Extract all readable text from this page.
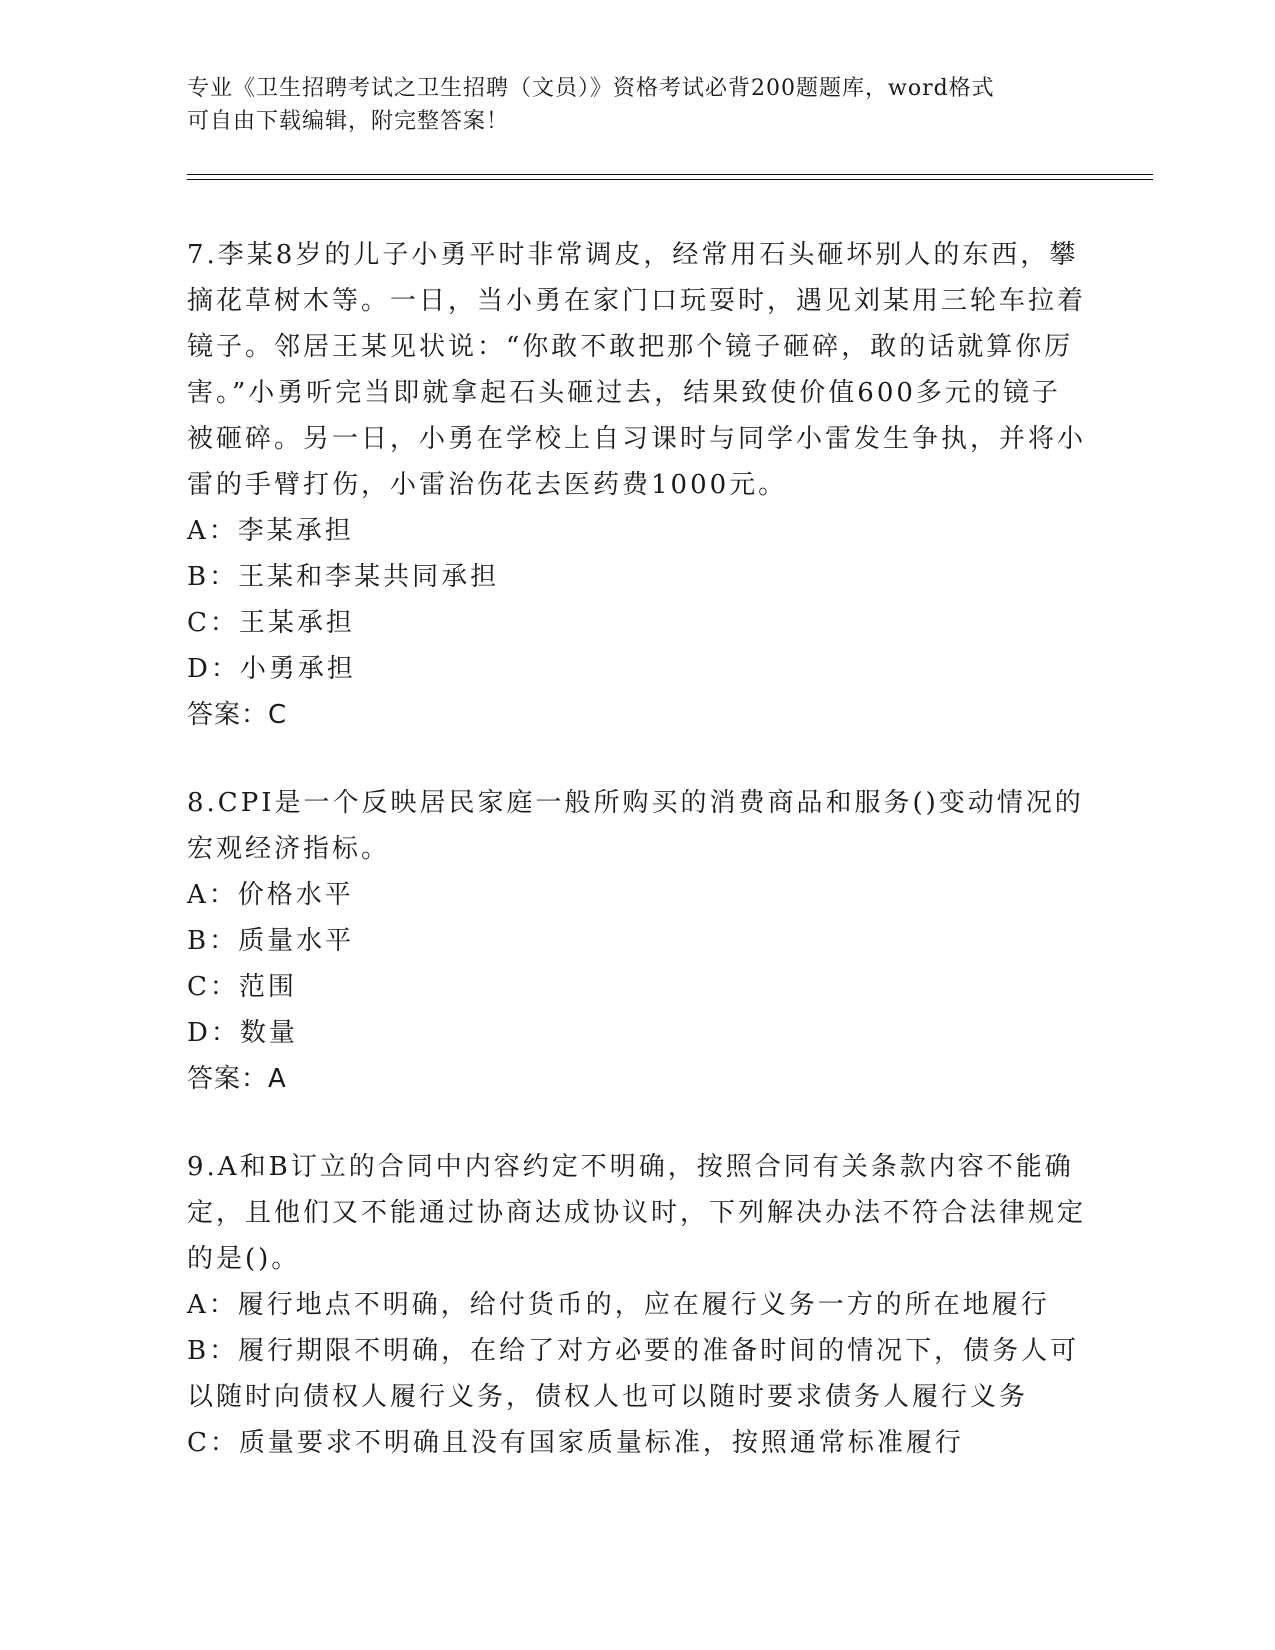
专业《卫生招聘考试之卫生招聘（文员）》资格考试必背200题题库，word格式
可自由下载编辑，附完整答案！

7.李某8岁的儿子小勇平时非常调皮，经常用石头砸坏别人的东西，攀摘花草树木等。一日，当小勇在家门口玩耍时，遇见刘某用三轮车拉着镜子。邻居王某见状说：“你敢不敢把那个镜子砸碎，敢的话就算你厉害。”小勇听完当即就拿起石头砸过去，结果致使价值600多元的镜子被砸碎。另一日，小勇在学校上自习课时与同学小雷发生争执，并将小雷的手臂打伤，小雷治伤花去医药费1000元。

A：李某承担

B：王某和李某共同承担

C：王某承担

D：小勇承担

答案：C

8.CPI是一个反映居民家庭一般所购买的消费商品和服务()变动情况的宏观经济指标。

A：价格水平

B：质量水平

C：范围

D：数量

答案：A

9.A和B订立的合同中内容约定不明确，按照合同有关条款内容不能确定，且他们又不能通过协商达成协议时，下列解决办法不符合法律规定的是()。

A：履行地点不明确，给付货币的，应在履行义务一方的所在地履行

B：履行期限不明确，在给了对方必要的准备时间的情况下，债务人可以随时向债权人履行义务，债权人也可以随时要求债务人履行义务

C：质量要求不明确且没有国家质量标准，按照通常标准履行
